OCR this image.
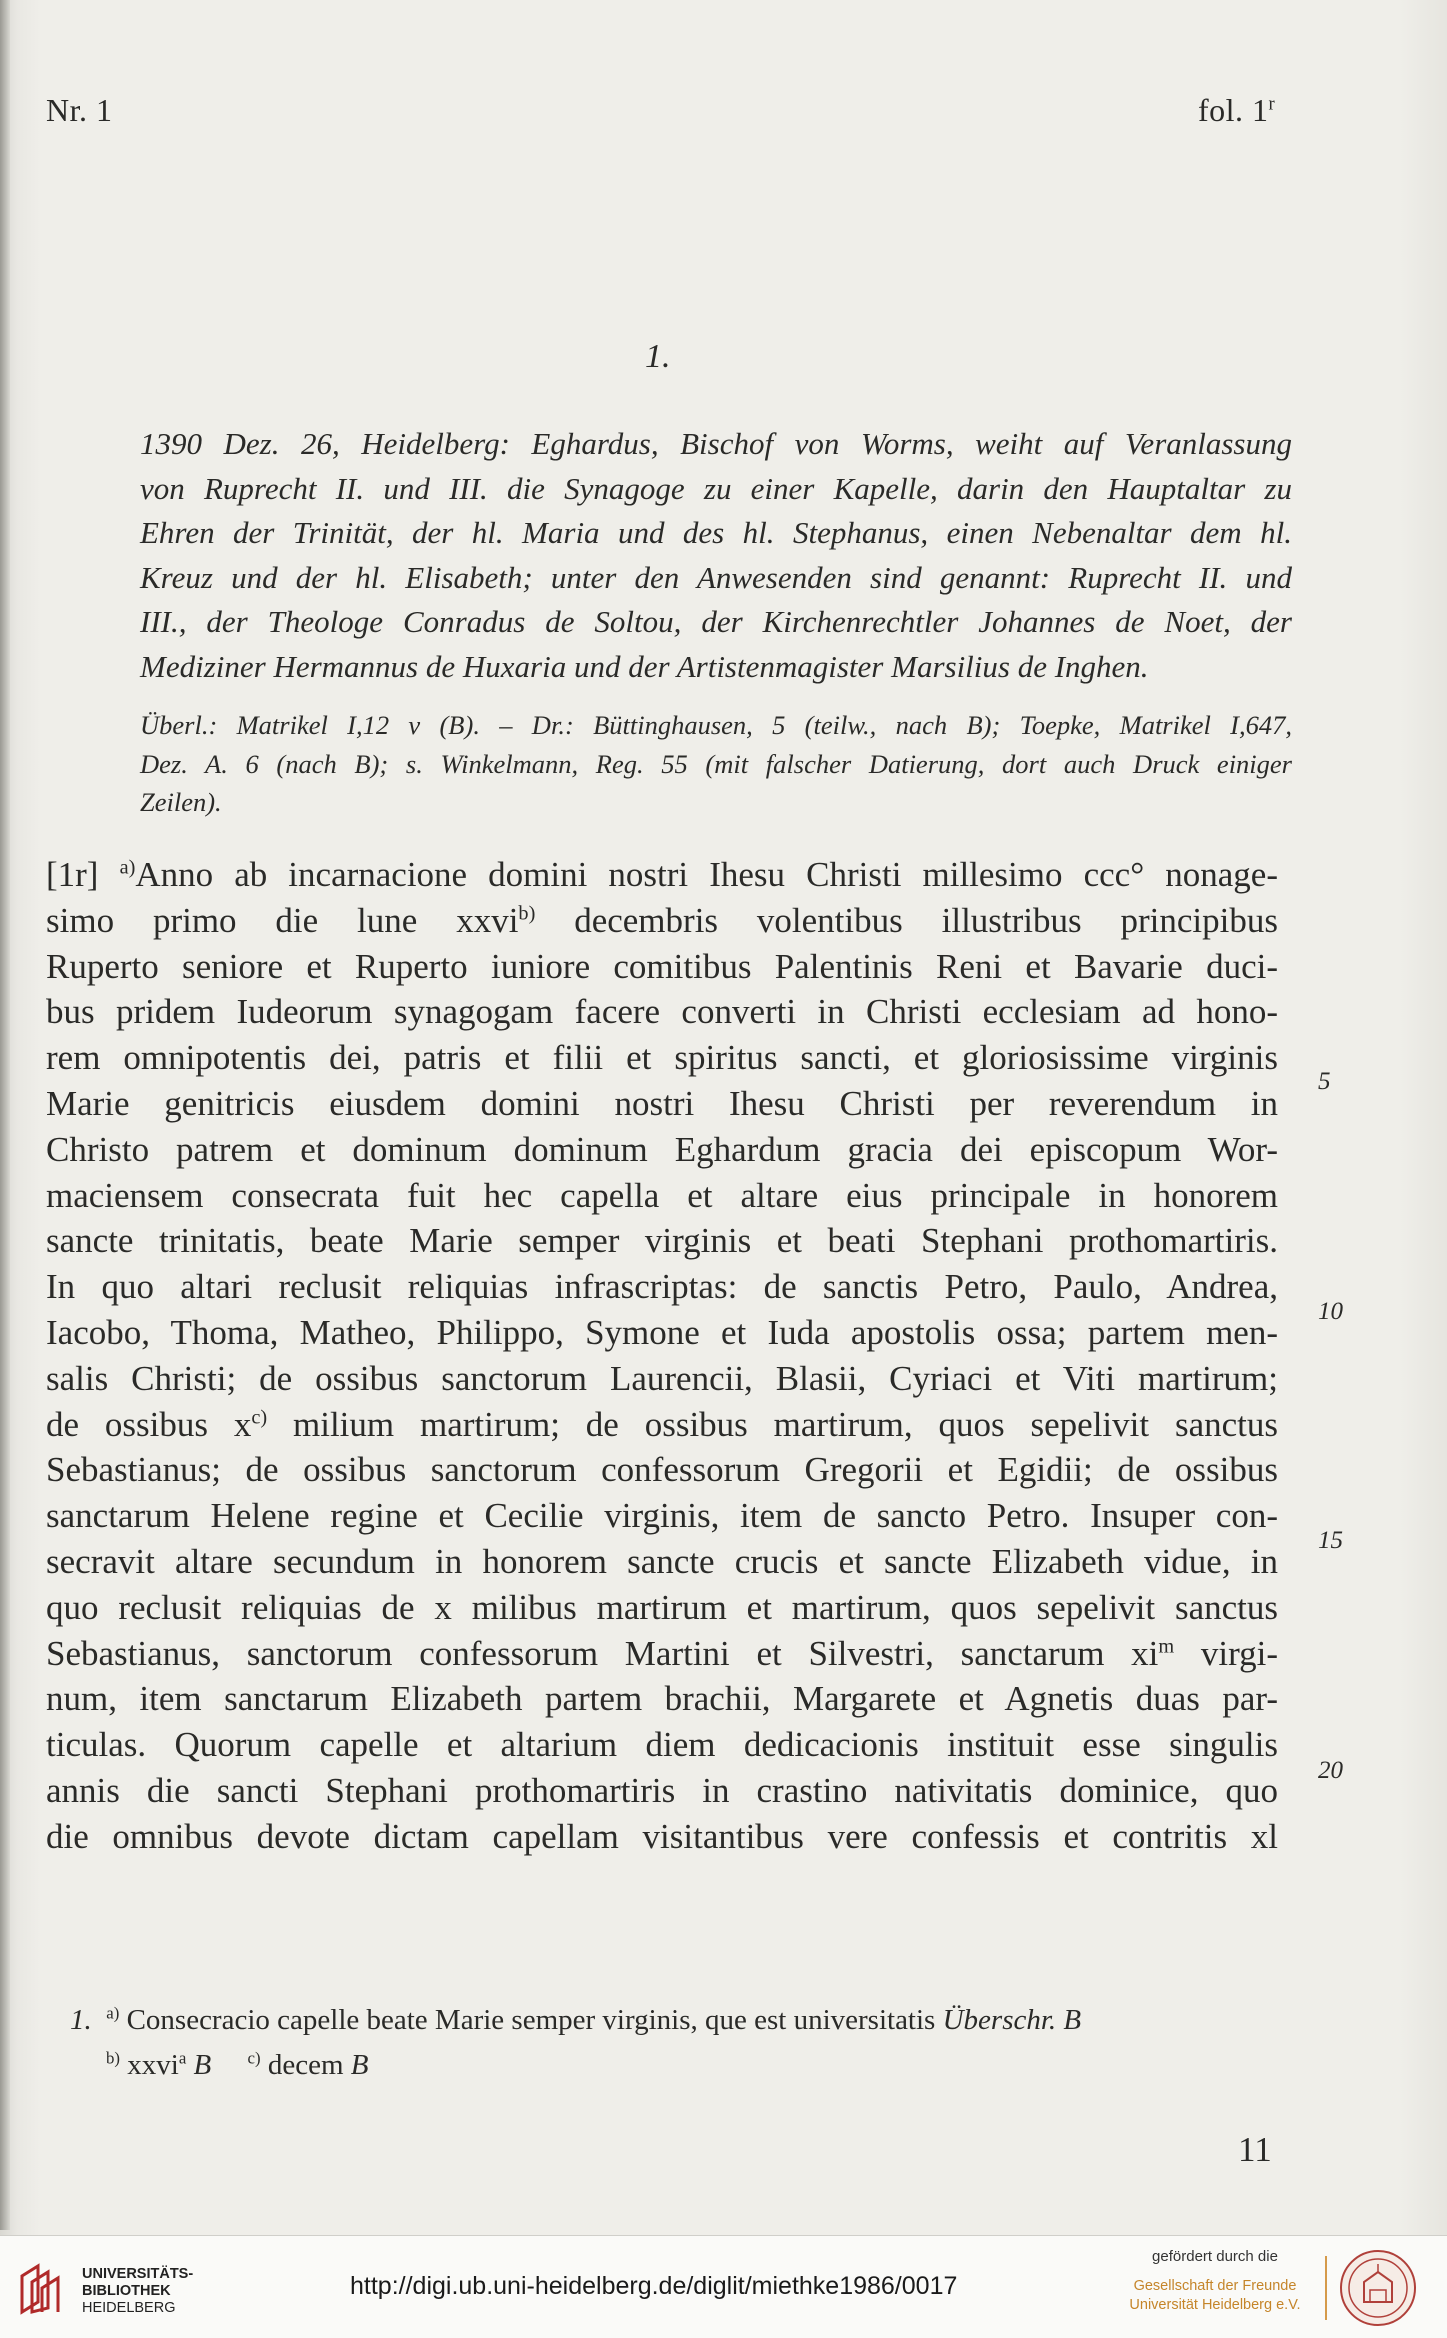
Nr. 1	fol. 1$^r$
1.

1390 Dez. 26, Heidelberg: Eghardus, Bischof von Worms, weiht auf Veranlassung

von Ruprecht II. und III. die Synagoge zu einer Kapelle, darin den Hauptaltar zu

Ehren der Trinität, der hl. Maria und des hl. Stephanus, einen Nebenaltar dem hl.

Kreuz und der hl. Elisabeth; unter den Anwesenden sind genannt: Ruprecht II. und

III., der Theologe Conradus de Soltou, der Kirchenrechtler Johannes de Noet, der

Mediziner Hermannus de Huxaria und der Artistenmagister Marsilius de Inghen.

Überl.: Matrikel I,12 v (B). – Dr.: Büttinghausen, 5 (teilw., nach B); Toepke, Matrikel I,647,
Dez. A. 6 (nach B); s. Winkelmann, Reg. 55 (mit falscher Datierung, dort auch Druck einiger
Zeilen).
[1r] $^{a)}$Anno ab incarnacione domini nostri Ihesu Christi millesimo ccc° nonage-
simo primo die lune xxvi$^{b)}$ decembris volentibus illustribus principibus
Ruperto seniore et Ruperto iuniore comitibus Palentinis Reni et Bavarie duci-
bus pridem Iudeorum synagogam facere converti in Christi ecclesiam ad hono-
rem omnipotentis dei, patris et filii et spiritus sancti, et gloriosissime virginis
Marie genitricis eiusdem domini nostri Ihesu Christi per reverendum in
Christo patrem et dominum dominum Eghardum gracia dei episcopum Wor-
maciensem consecrata fuit hec capella et altare eius principale in honorem
sancte trinitatis, beate Marie semper virginis et beati Stephani prothomartiris.
In quo altari reclusit reliquias infrascriptas: de sanctis Petro, Paulo, Andrea,
Iacobo, Thoma, Matheo, Philippo, Symone et Iuda apostolis ossa; partem men-
salis Christi; de ossibus sanctorum Laurencii, Blasii, Cyriaci et Viti martirum;
de ossibus $x^{c)}$ milium martirum; de ossibus martirum, quos sepelivit sanctus
Sebastianus; de ossibus sanctorum confessorum Gregorii et Egidii; de ossibus
sanctarum Helene regine et Cecilie virginis, item de sancto Petro. Insuper con-
secravit altare secundum in honorem sancte crucis et sancte Elizabeth vidue, in
quo reclusit reliquias de x milibus martirum et martirum, quos sepelivit sanctus
Sebastianus, sanctorum confessorum Martini et Silvestri, sanctarum $xi^m$ virgi-
num, item sanctarum Elizabeth partem brachii, Margarete et Agnetis duas par-
ticulas. Quorum capelle et altarium diem dedicacionis instituit esse singulis
annis die sancti Stephani prothomartiris in crastino nativitatis dominice, quo
die omnibus devote dictam capellam visitantibus vere confessis et contritis xl
5
10
15
20
1. $^{a)}$ Consecracio capelle beate Marie semper virginis, que est universitatis Überschr. B
$^{b)}$ xxvi$^a$ B $^{c)}$ decem B
11
UNIVERSITÄTS-
BIBLIOTHEK
HEIDELBERG
http://digi.ub.uni-heidelberg.de/diglit/miethke1986/0017
gefördert durch die
Gesellschaft der Freunde
Universität Heidelberg e.V.
